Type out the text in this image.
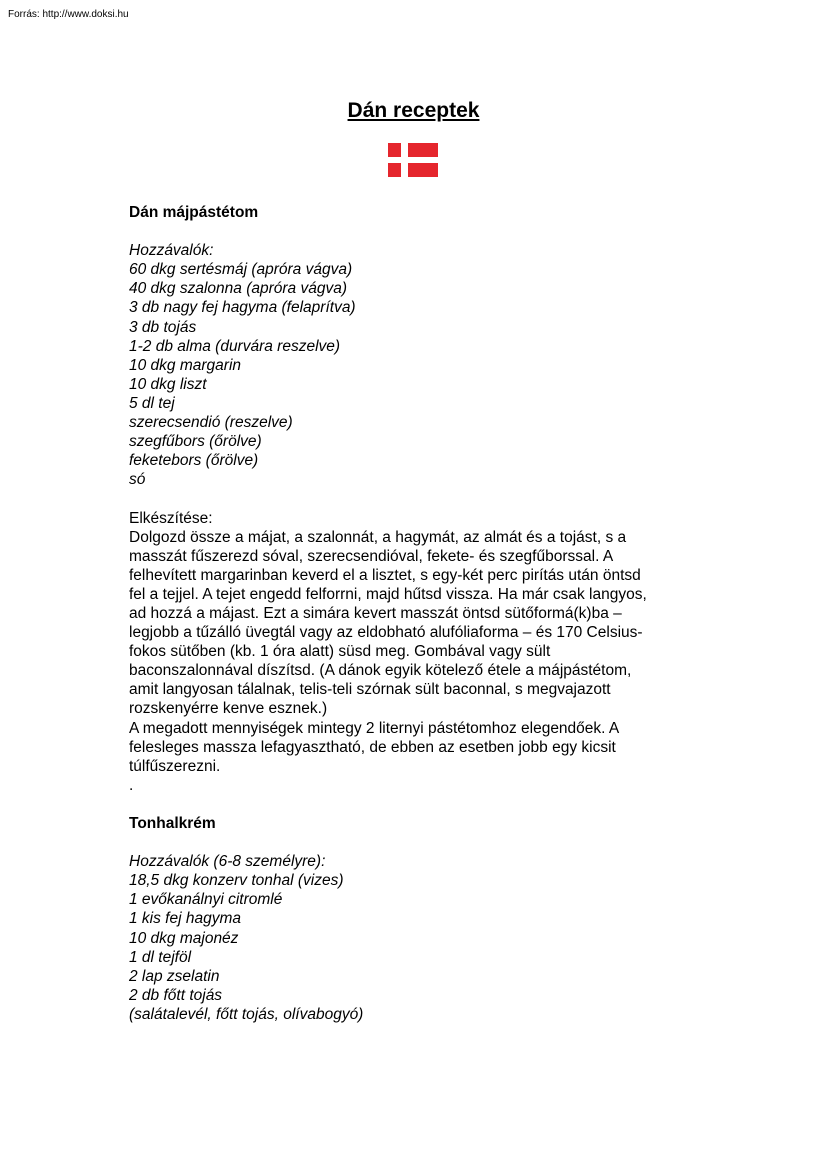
Forrás: http://www.doksi.hu
Dán receptek

Dán májpástétom

Hozzávalók:

60 dkg sertésmáj (apróra vágva)

40 dkg szalonna (apróra vágva)

3 db nagy fej hagyma (felaprítva)

3 db tojás

1-2 db alma (durvára reszelve)

10 dkg margarin

10 dkg liszt

5 dl tej

szerecsendió (reszelve)

szegfűbors (őrölve)

feketebors (őrölve)

só

Elkészítése:

Dolgozd össze a májat, a szalonnát, a hagymát, az almát és a tojást, s a

masszát fűszerezd sóval, szerecsendióval, fekete- és szegfűborssal. A

felhevített margarinban keverd el a lisztet, s egy-két perc pirítás után öntsd

fel a tejjel. A tejet engedd felforrni, majd hűtsd vissza. Ha már csak langyos,

ad hozzá a májast. Ezt a simára kevert masszát öntsd sütőformá(k)ba –

legjobb a tűzálló üvegtál vagy az eldobható alufóliaforma – és 170 Celsius-

fokos sütőben (kb. 1 óra alatt) süsd meg. Gombával vagy sült

baconszalonnával díszítsd. (A dánok egyik kötelező étele a májpástétom,

amit langyosan tálalnak, telis-teli szórnak sült baconnal, s megvajazott

rozskenyérre kenve esznek.)

A megadott mennyiségek mintegy 2 liternyi pástétomhoz elegendőek. A

felesleges massza lefagyasztható, de ebben az esetben jobb egy kicsit

túlfűszerezni.

.

Tonhalkrém

Hozzávalók (6-8 személyre):

18,5 dkg konzerv tonhal (vizes)

1 evőkanálnyi citromlé

1 kis fej hagyma

10 dkg majonéz

1 dl tejföl

2 lap zselatin

2 db főtt tojás

(salátalevél, főtt tojás, olívabogyó)
